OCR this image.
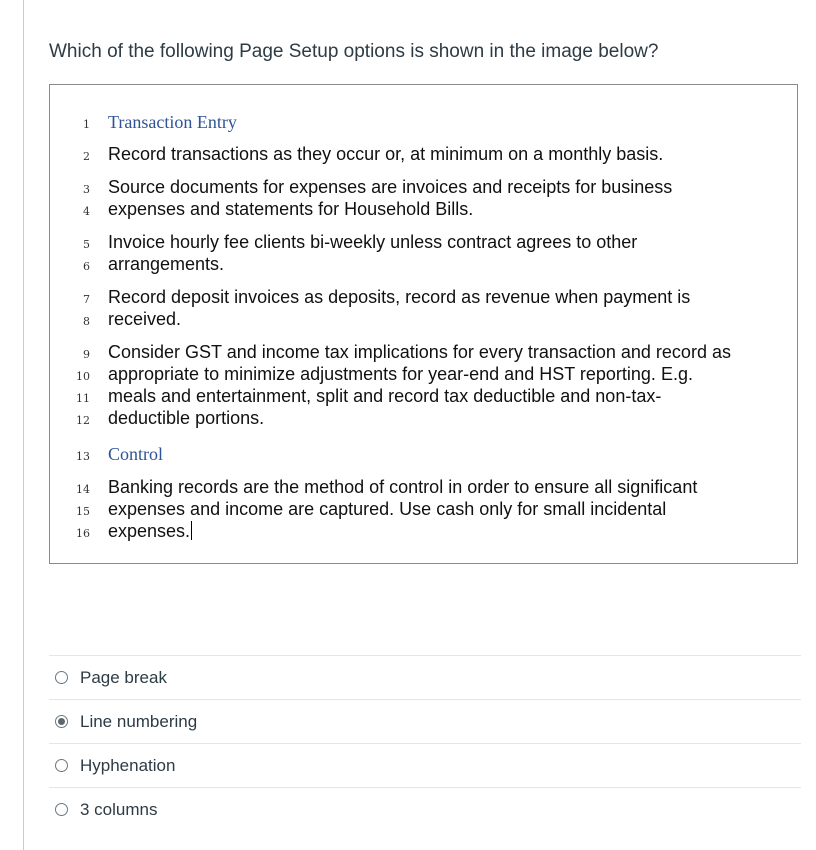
Which of the following Page Setup options is shown in the image below?
1 Transaction Entry
2 Record transactions as they occur or, at minimum on a monthly basis.
3 Source documents for expenses are invoices and receipts for business
4 expenses and statements for Household Bills.
5 Invoice hourly fee clients bi-weekly unless contract agrees to other
6 arrangements.
7 Record deposit invoices as deposits, record as revenue when payment is
8 received.
9 Consider GST and income tax implications for every transaction and record as
10 appropriate to minimize adjustments for year-end and HST reporting. E.g.
11 meals and entertainment, split and record tax deductible and non-tax-
12 deductible portions.
13 Control
14 Banking records are the method of control in order to ensure all significant
15 expenses and income are captured. Use cash only for small incidental
16 expenses.
Page break
Line numbering
Hyphenation
3 columns
